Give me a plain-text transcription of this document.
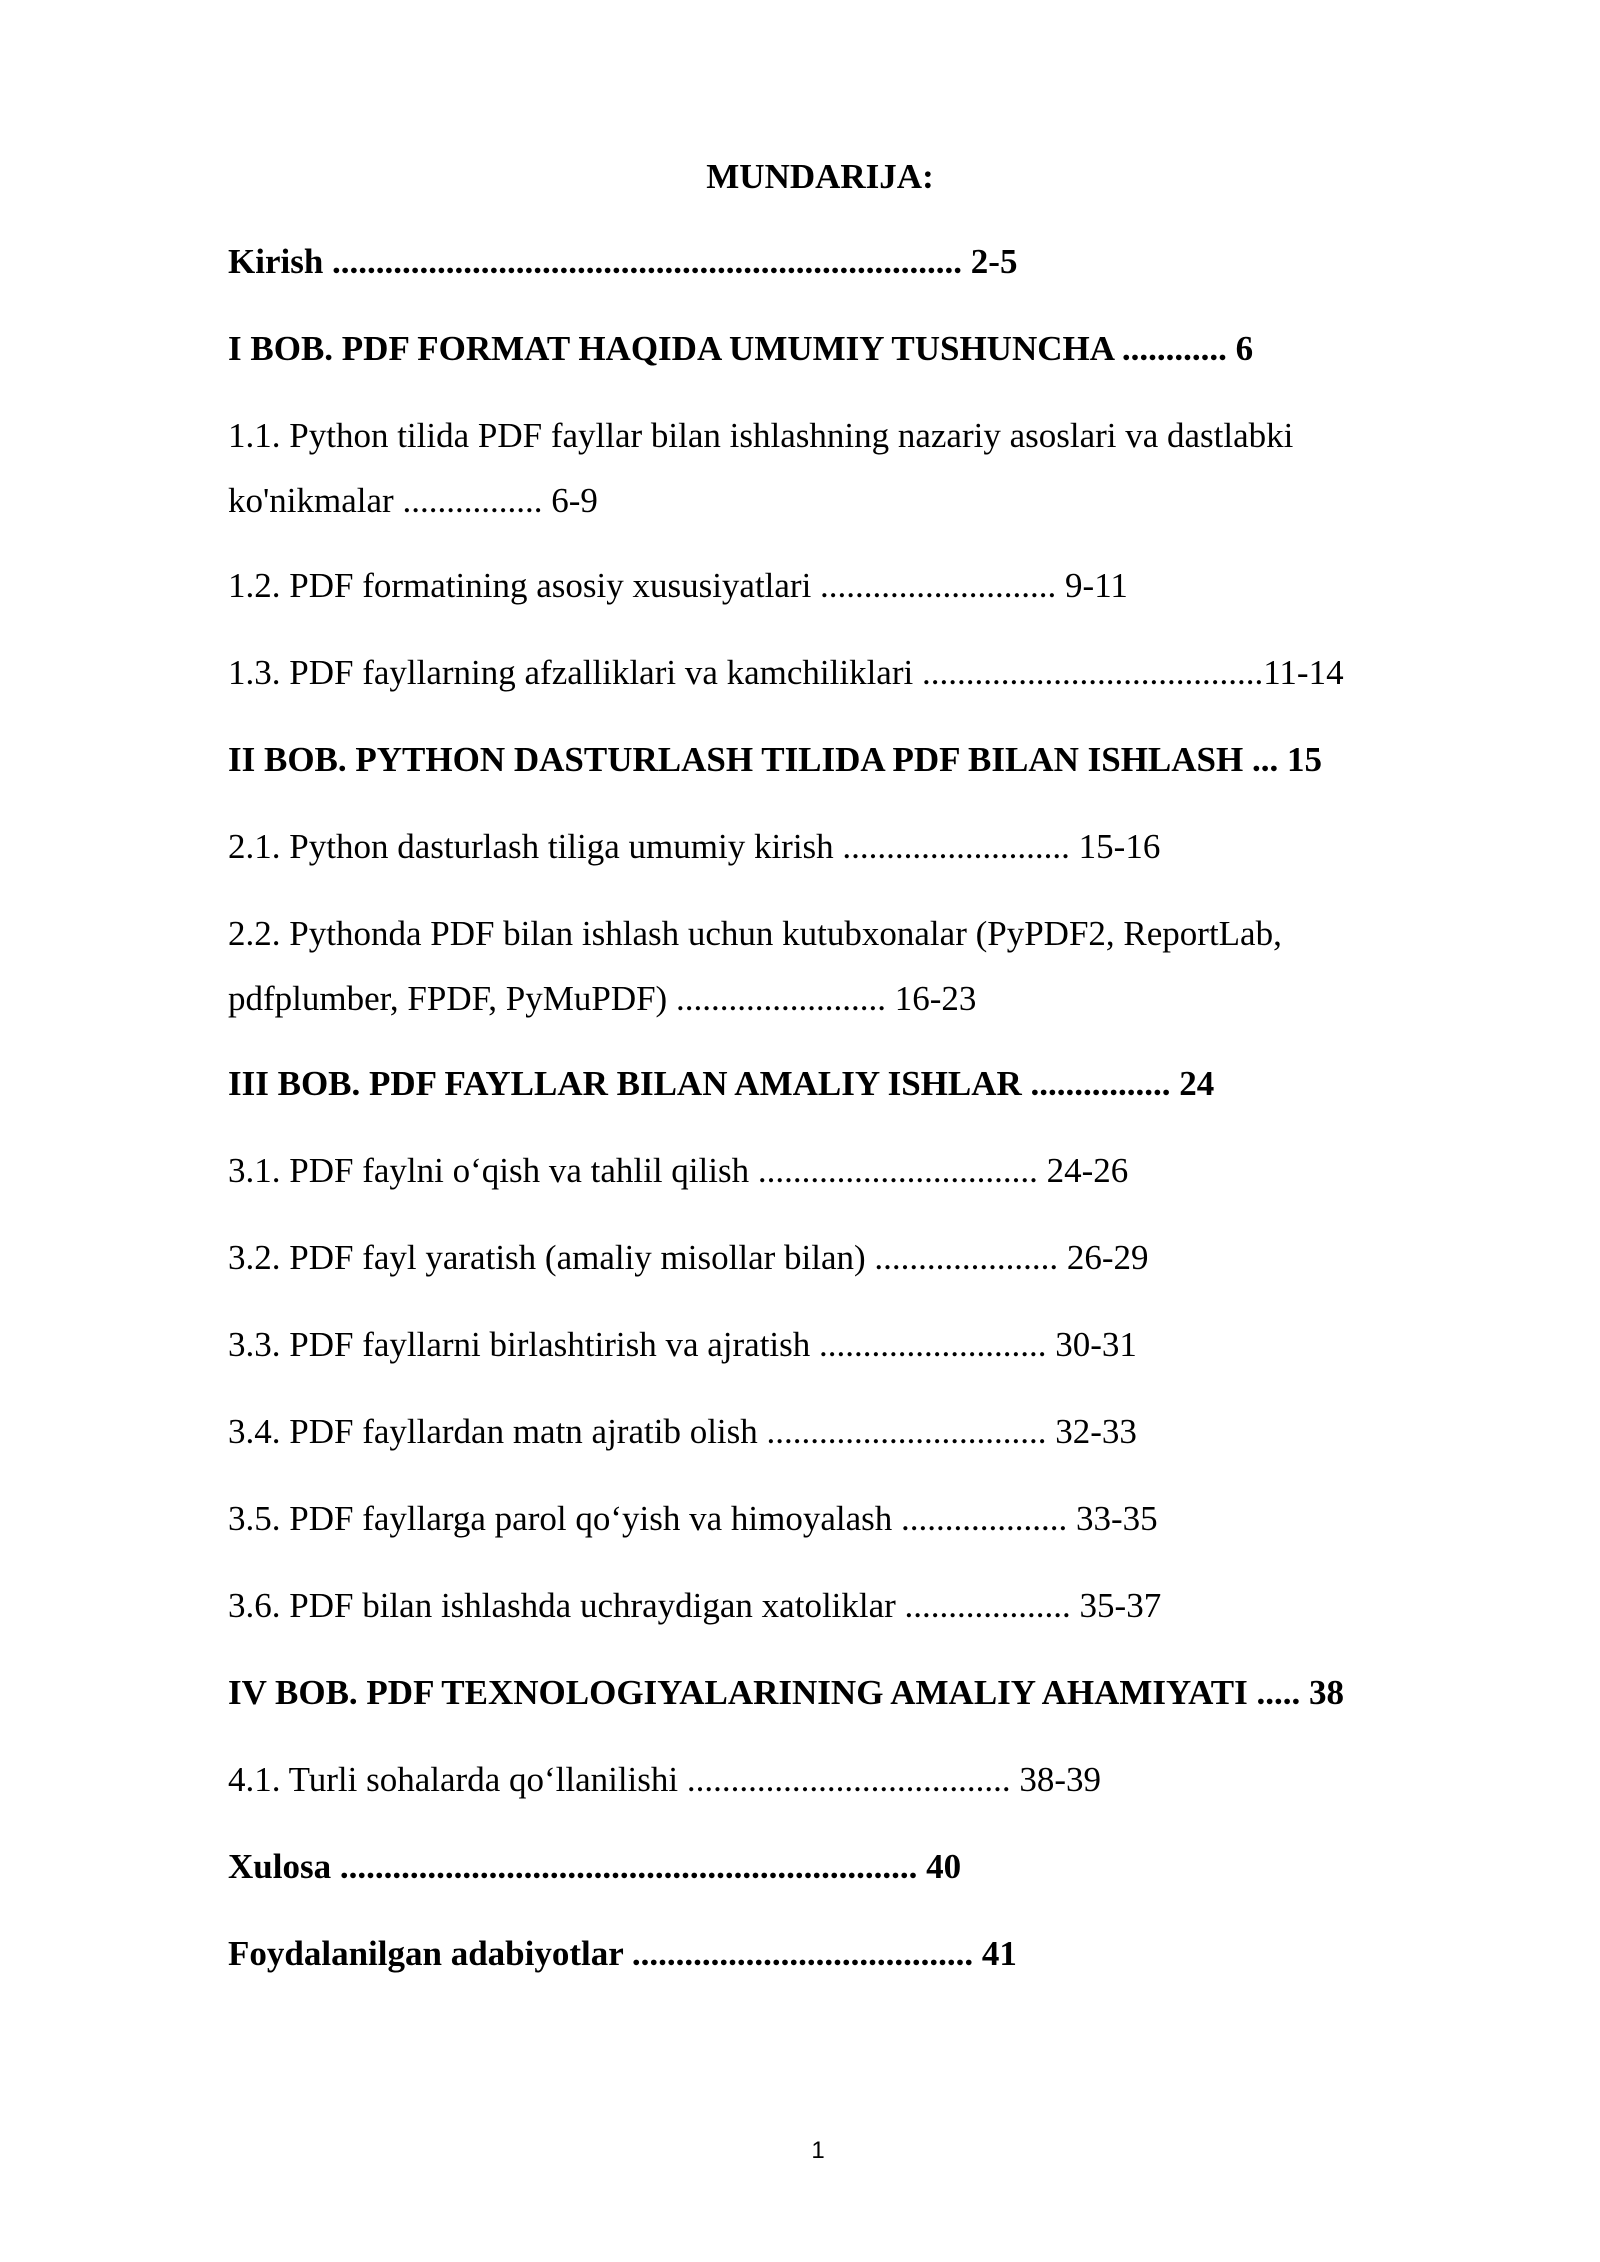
MUNDARIJA:
Kirish ........................................................................ 2-5
I BOB. PDF FORMAT HAQIDA UMUMIY TUSHUNCHA ............ 6
1.1. Python tilida PDF fayllar bilan ishlashning nazariy asoslari va dastlabki ko'nikmalar ................ 6-9
1.2. PDF formatining asosiy xususiyatlari ........................... 9-11
1.3. PDF fayllarning afzalliklari va kamchiliklari .......................................11-14
II BOB. PYTHON DASTURLASH TILIDA PDF BILAN ISHLASH ... 15
2.1. Python dasturlash tiliga umumiy kirish .......................... 15-16
2.2. Pythonda PDF bilan ishlash uchun kutubxonalar (PyPDF2, ReportLab, pdfplumber, FPDF, PyMuPDF) ........................ 16-23
III BOB. PDF FAYLLAR BILAN AMALIY ISHLAR ................ 24
3.1. PDF faylni o‘qish va tahlil qilish ................................ 24-26
3.2. PDF fayl yaratish (amaliy misollar bilan) ..................... 26-29
3.3. PDF fayllarni birlashtirish va ajratish .......................... 30-31
3.4. PDF fayllardan matn ajratib olish ................................ 32-33
3.5. PDF fayllarga parol qo‘yish va himoyalash ................... 33-35
3.6. PDF bilan ishlashda uchraydigan xatoliklar ................... 35-37
IV BOB. PDF TEXNOLOGIYALARINING AMALIY AHAMIYATI ..... 38
4.1. Turli sohalarda qo‘llanilishi ..................................... 38-39
Xulosa .................................................................. 40
Foydalanilgan adabiyotlar ....................................... 41
1
